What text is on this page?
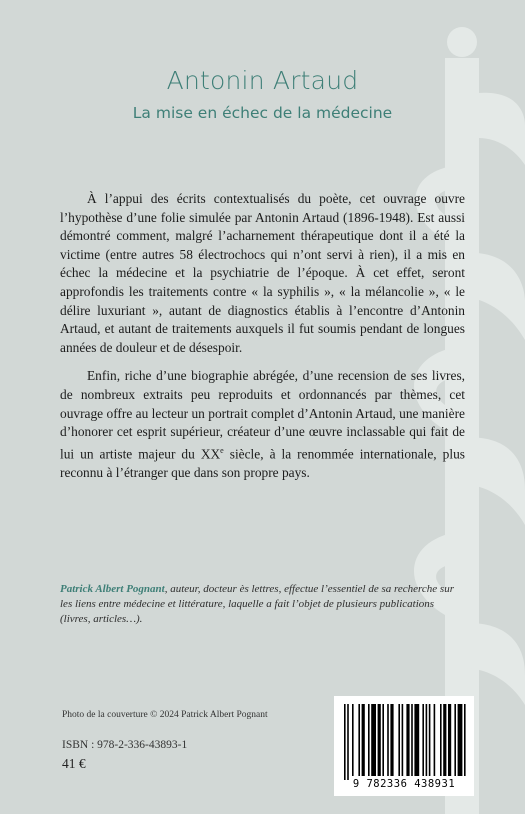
Antonin Artaud
La mise en échec de la médecine

À l’appui des écrits contextualisés du poète, cet ouvrage ouvre l’hypothèse d’une folie simulée par Antonin Artaud (1896-1948). Est aussi démontré comment, malgré l’acharnement thérapeutique dont il a été la victime (entre autres 58 électrochocs qui n’ont servi à rien), il a mis en échec la médecine et la psychiatrie de l’époque. À cet effet, seront approfondis les traitements contre « la syphilis », « la mélancolie », « le délire luxuriant », autant de diagnostics établis à l’encontre d’Antonin Artaud, et autant de traitements auxquels il fut soumis pendant de longues années de douleur et de désespoir.

Enfin, riche d’une biographie abrégée, d’une recension de ses livres, de nombreux extraits peu reproduits et ordonnancés par thèmes, cet ouvrage offre au lecteur un portrait complet d’Antonin Artaud, une manière d’honorer cet esprit supérieur, créateur d’une œuvre inclassable qui fait de lui un artiste majeur du XXe siècle, à la renommée internationale, plus reconnu à l’étranger que dans son propre pays.

Patrick Albert Pognant, auteur, docteur ès lettres, effectue l’essentiel de sa recherche sur les liens entre médecine et littérature, laquelle a fait l’objet de plusieurs publications (livres, articles…).
Photo de la couverture © 2024 Patrick Albert Pognant
ISBN : 978-2-336-43893-1
41 €
9 782336 438931
